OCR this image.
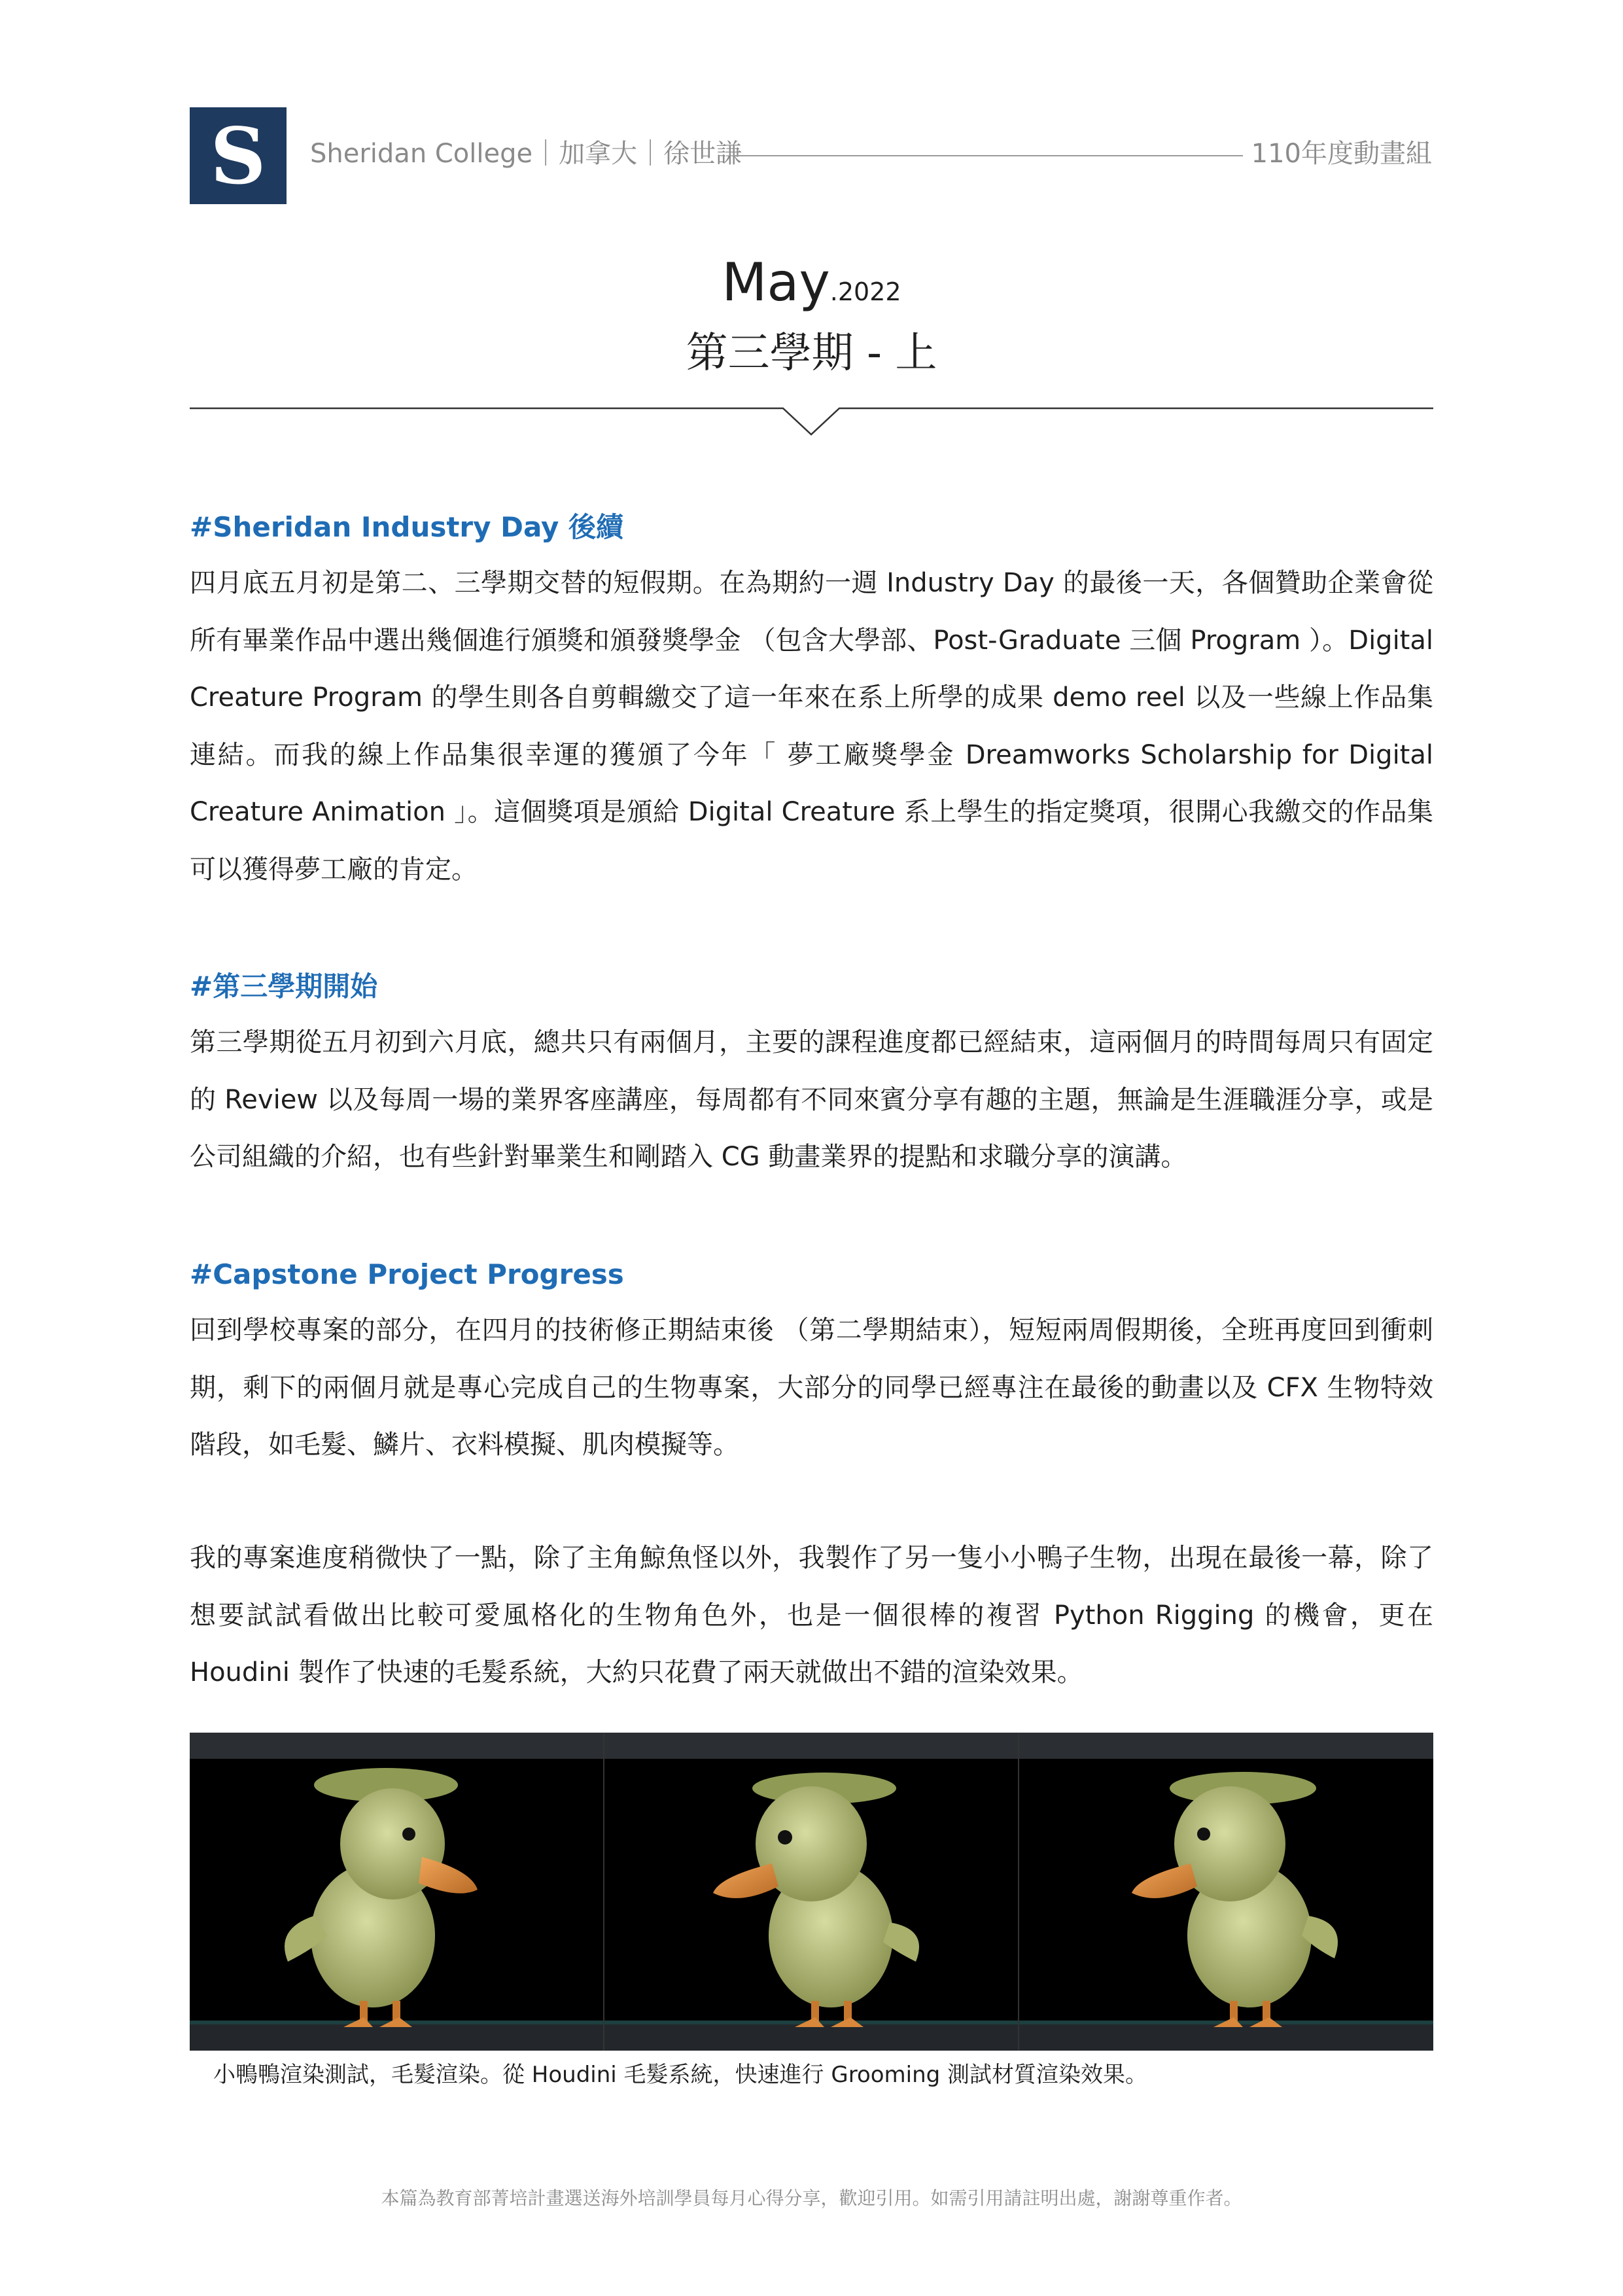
S Sheridan College｜加拿大｜徐世謙	110年度動畫組
May.2022
第三學期 - 上
#Sheridan Industry Day 後續

四月底五月初是第二、三學期交替的短假期。在為期約一週 Industry Day 的最後一天，各個贊助企業會從所有畢業作品中選出幾個進行頒獎和頒發獎學金 （包含大學部、Post-Graduate 三個 Program ）。Digital Creature Program 的學生則各自剪輯繳交了這一年來在系上所學的成果 demo reel 以及一些線上作品集連結。而我的線上作品集很幸運的獲頒了今年「 夢工廠獎學金 Dreamworks Scholarship for Digital Creature Animation 」。這個獎項是頒給 Digital Creature 系上學生的指定獎項，很開心我繳交的作品集可以獲得夢工廠的肯定。

#第三學期開始

第三學期從五月初到六月底，總共只有兩個月，主要的課程進度都已經結束，這兩個月的時間每周只有固定的 Review 以及每周一場的業界客座講座，每周都有不同來賓分享有趣的主題，無論是生涯職涯分享，或是公司組織的介紹，也有些針對畢業生和剛踏入 CG 動畫業界的提點和求職分享的演講。

#Capstone Project Progress

回到學校專案的部分，在四月的技術修正期結束後 （第二學期結束），短短兩周假期後，全班再度回到衝刺期，剩下的兩個月就是專心完成自己的生物專案，大部分的同學已經專注在最後的動畫以及 CFX 生物特效階段，如毛髮、鱗片、衣料模擬、肌肉模擬等。

我的專案進度稍微快了一點，除了主角鯨魚怪以外，我製作了另一隻小小鴨子生物，出現在最後一幕，除了想要試試看做出比較可愛風格化的生物角色外，也是一個很棒的複習 Python Rigging 的機會，更在 Houdini 製作了快速的毛髮系統，大約只花費了兩天就做出不錯的渲染效果。

小鴨鴨渲染測試，毛髮渲染。從 Houdini 毛髮系統，快速進行 Grooming 測試材質渲染效果。
本篇為教育部菁培計畫選送海外培訓學員每月心得分享，歡迎引用。如需引用請註明出處，謝謝尊重作者。
